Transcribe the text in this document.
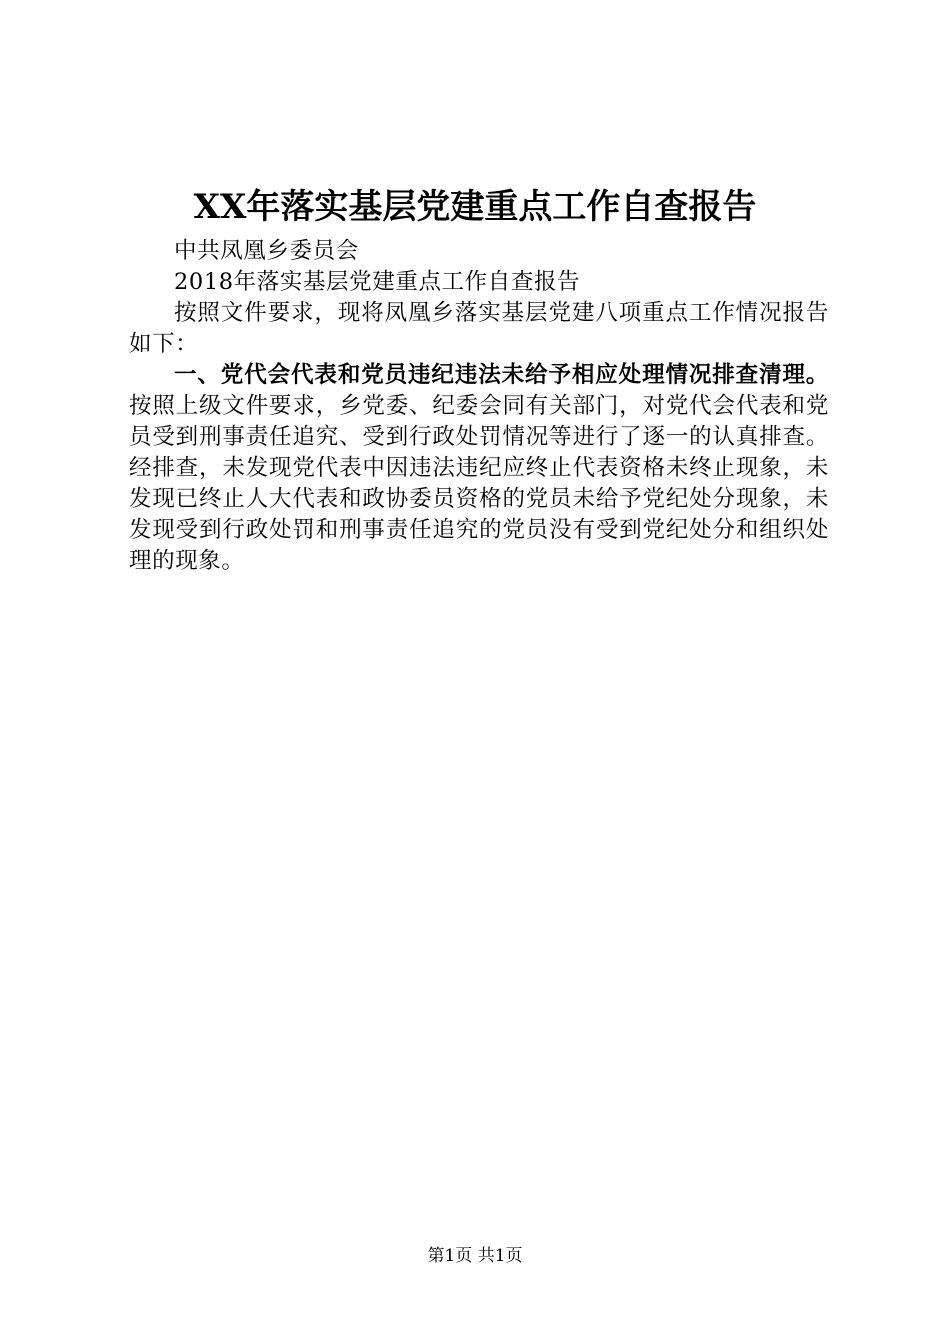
XX年落实基层党建重点工作自查报告

中共凤凰乡委员会

2018年落实基层党建重点工作自查报告

按照文件要求，现将凤凰乡落实基层党建八项重点工作情况报告如下：

一、党代会代表和党员违纪违法未给予相应处理情况排查清理。按照上级文件要求，乡党委、纪委会同有关部门，对党代会代表和党员受到刑事责任追究、受到行政处罚情况等进行了逐一的认真排查。经排查，未发现党代表中因违法违纪应终止代表资格未终止现象，未发现已终止人大代表和政协委员资格的党员未给予党纪处分现象，未发现受到行政处罚和刑事责任追究的党员没有受到党纪处分和组织处理的现象。

第1页 共1页
